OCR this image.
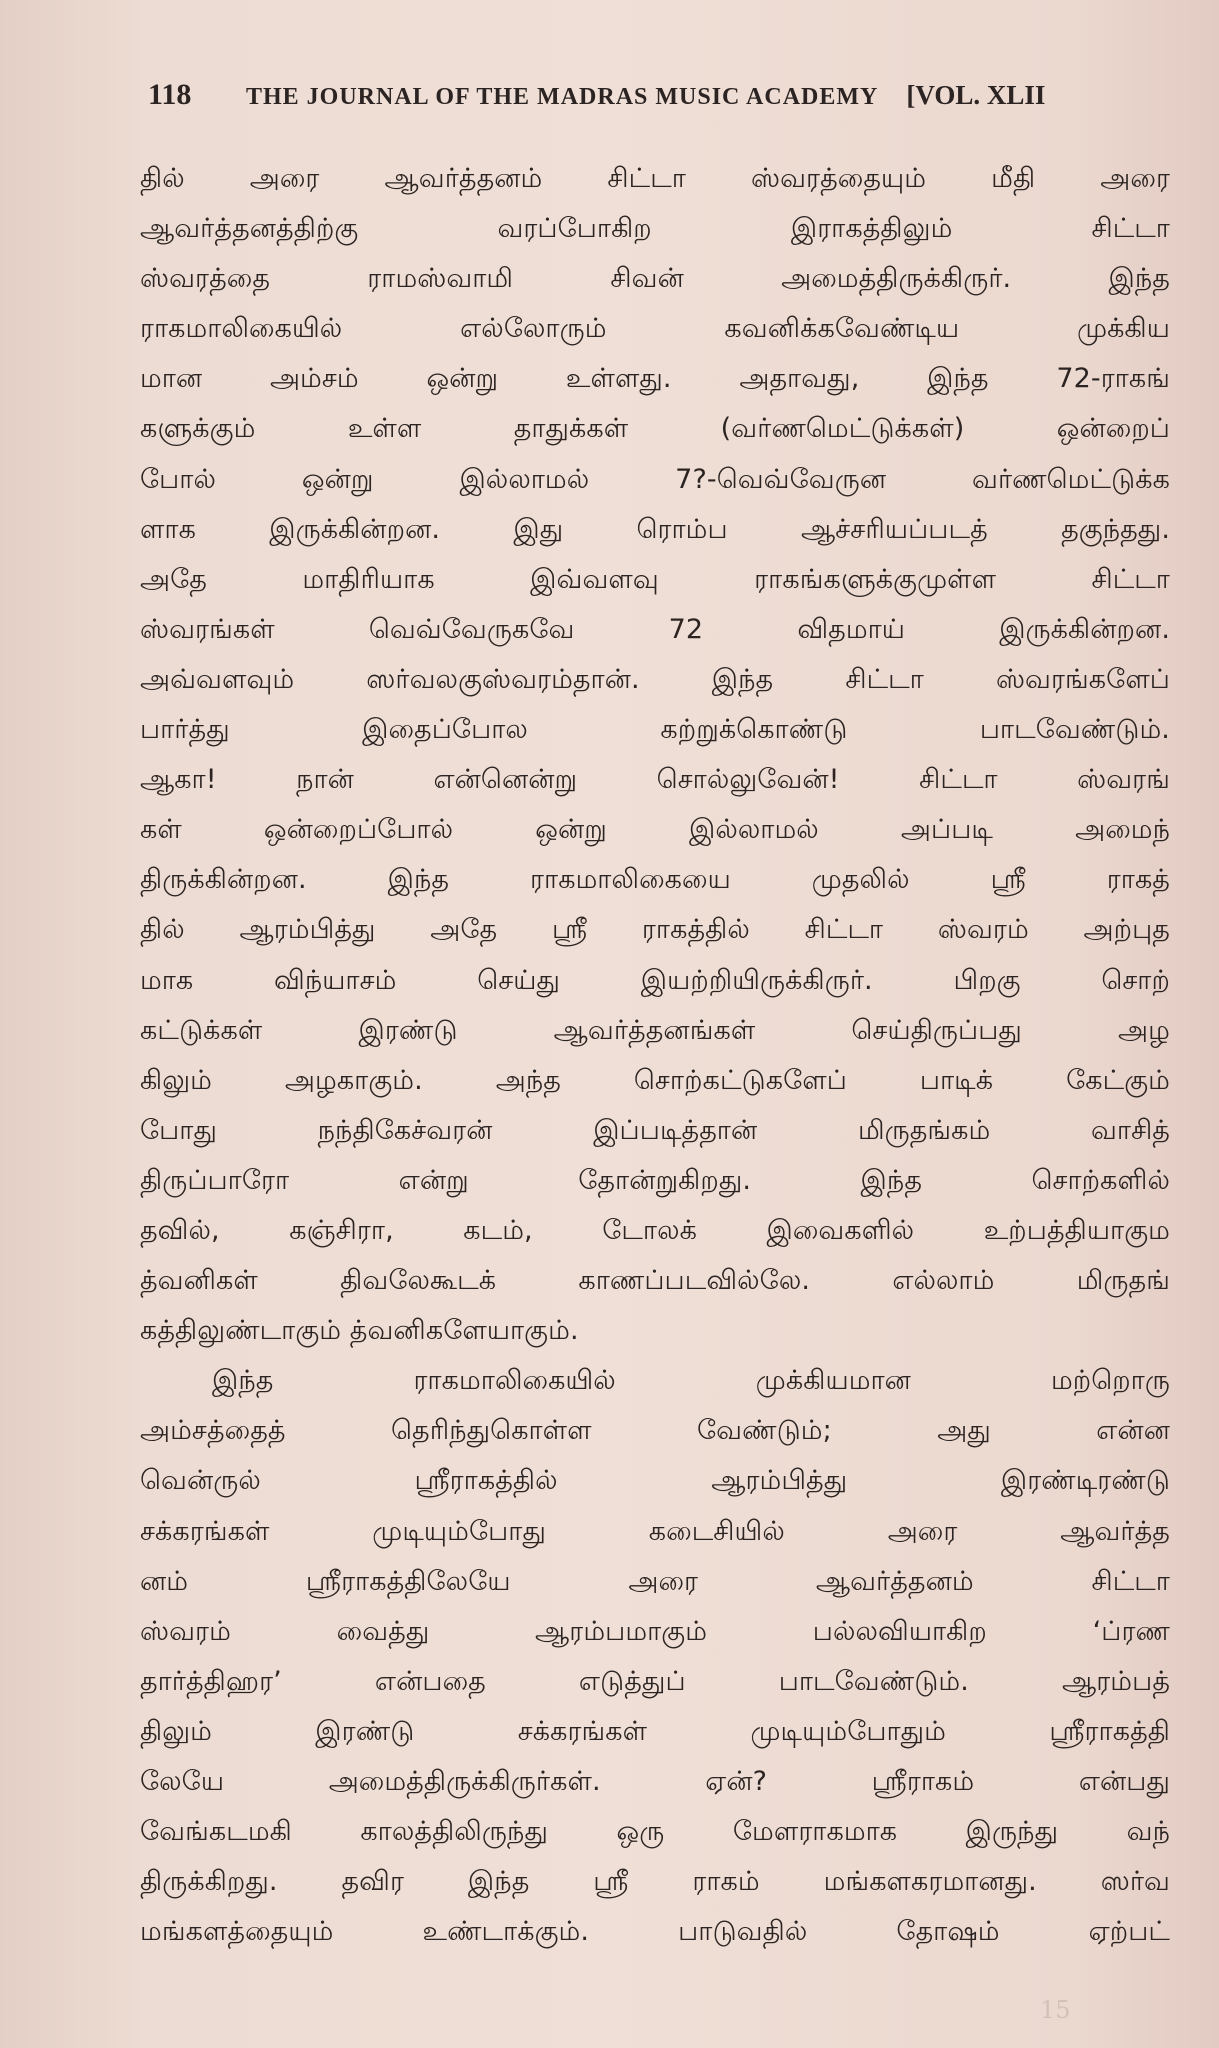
118	THE JOURNAL OF THE MADRAS MUSIC ACADEMY [VOL. XLII
தில் அரை ஆவர்த்தனம் சிட்டா ஸ்வரத்தையும் மீதி அரை
ஆவர்த்தனத்திற்கு வரப்போகிற இராகத்திலும் சிட்டா
ஸ்வரத்தை ராமஸ்வாமி சிவன் அமைத்திருக்கிருர். இந்த
ராகமாலிகையில் எல்லோரும் கவனிக்கவேண்டிய முக்கிய
மான அம்சம் ஒன்று உள்ளது. அதாவது, இந்த 72-ராகங்
களுக்கும் உள்ள தாதுக்கள் (வர்ணமெட்டுக்கள்) ஒன்றைப்
போல் ஒன்று இல்லாமல் 7?-வெவ்வேருன வர்ணமெட்டுக்க
ளாக இருக்கின்றன. இது ரொம்ப ஆச்சரியப்படத் தகுந்தது.
அதே மாதிரியாக இவ்வளவு ராகங்களுக்குமுள்ள சிட்டா
ஸ்வரங்கள் வெவ்வேருகவே 72 விதமாய் இருக்கின்றன.
அவ்வளவும் ஸர்வலகுஸ்வரம்தான். இந்த சிட்டா ஸ்வரங்களேப்
பார்த்து இதைப்போல கற்றுக்கொண்டு பாடவேண்டும்.
ஆகா! நான் என்னென்று சொல்லுவேன்! சிட்டா ஸ்வரங்
கள் ஒன்றைப்போல் ஒன்று இல்லாமல் அப்படி அமைந்
திருக்கின்றன. இந்த ராகமாலிகையை முதலில் ஸ்ரீ ராகத்
தில் ஆரம்பித்து அதே ஸ்ரீ ராகத்தில் சிட்டா ஸ்வரம் அற்புத
மாக விந்யாசம் செய்து இயற்றியிருக்கிருர். பிறகு சொற்
கட்டுக்கள் இரண்டு ஆவர்த்தனங்கள் செய்திருப்பது அழ
கிலும் அழகாகும். அந்த சொற்கட்டுகளேப் பாடிக் கேட்கும்
போது நந்திகேச்வரன் இப்படித்தான் மிருதங்கம் வாசித்
திருப்பாரோ என்று தோன்றுகிறது. இந்த சொற்களில்
தவில், கஞ்சிரா, கடம், டோலக் இவைகளில் உற்பத்தியாகும
த்வனிகள் திவலேகூடக் காணப்படவில்லே. எல்லாம் மிருதங்
கத்திலுண்டாகும் த்வனிகளேயாகும்.
இந்த ராகமாலிகையில் முக்கியமான மற்றொரு
அம்சத்தைத் தெரிந்துகொள்ள வேண்டும்; அது என்ன
வென்ருல் ஸ்ரீராகத்தில் ஆரம்பித்து இரண்டிரண்டு
சக்கரங்கள் முடியும்போது கடைசியில் அரை ஆவர்த்த
னம் ஸ்ரீராகத்திலேயே அரை ஆவர்த்தனம் சிட்டா
ஸ்வரம் வைத்து ஆரம்பமாகும் பல்லவியாகிற ‘ப்ரண
தார்த்திஹர’ என்பதை எடுத்துப் பாடவேண்டும். ஆரம்பத்
திலும் இரண்டு சக்கரங்கள் முடியும்போதும் ஸ்ரீராகத்தி
லேயே அமைத்திருக்கிருர்கள். ஏன்? ஸ்ரீராகம் என்பது
வேங்கடமகி காலத்திலிருந்து ஒரு மேளராகமாக இருந்து வந்
திருக்கிறது. தவிர இந்த ஸ்ரீ ராகம் மங்களகரமானது. ஸர்வ
மங்களத்தையும் உண்டாக்கும். பாடுவதில் தோஷம் ஏற்பட்
15
